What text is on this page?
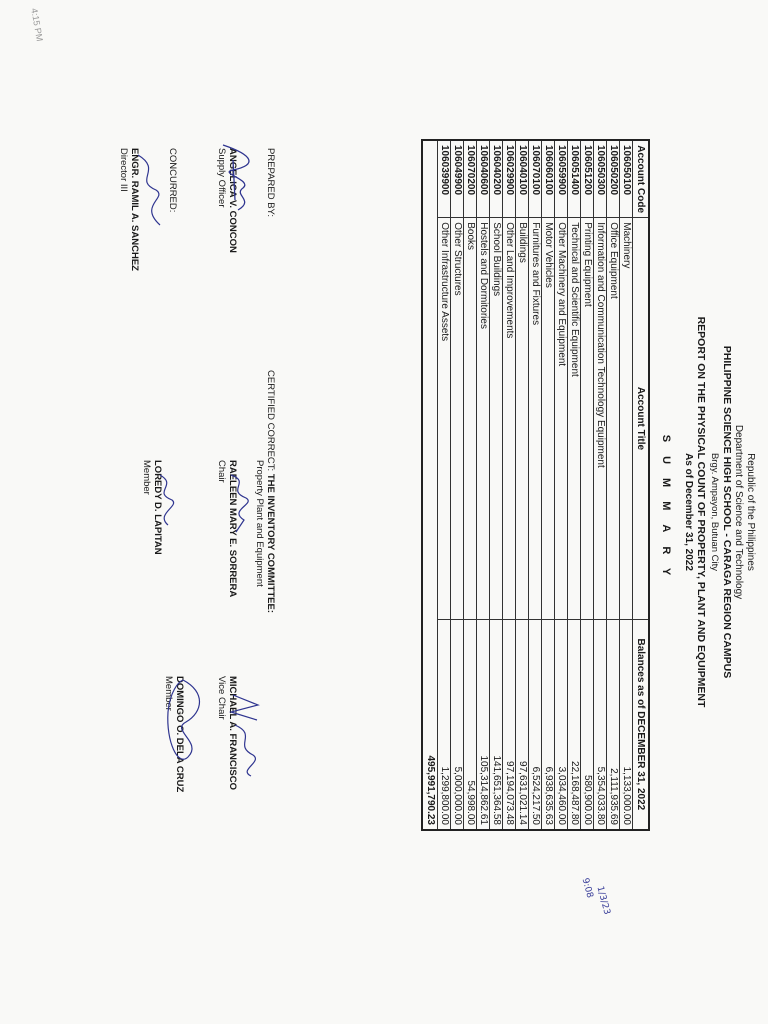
Republic of the Philippines
Department of Science and Technology
PHILIPPINE SCIENCE HIGH SCHOOL - CARAGA REGION CAMPUS
Brgy. Ampayon, Butuan City
REPORT ON THE PHYSICAL COUNT OF PROPERTY, PLANT AND EQUIPMENT
As of December 31, 2022
SUMMARY
Account Code	Account Title	Balances as of DECEMBER 31, 2022
106050100	Machinery	1,133,000.00
106050200	Office Equipment	2,111,935.69
106050300	Information and Communication Technology Equipment	5,354,033.80
106051200	Printing Equipment	580,900.00
106051400	Technical and Scientific Equipment	22,168,487.80
106059900	Other Machinery and Equipment	3,034,460.00
106060100	Motor Vehicles	6,938,635.63
106070100	Furnitures and Fixtures	6,524,217.50
106040100	Buildings	97,631,021.14
106029900	Other Land Improvements	97,194,073.48
106040200	School Buildings	141,651,364.58
106040600	Hostels and Dormitories	105,314,862.61
106070200	Books	54,998.00
106049900	Other Structures	5,000,000.00
106039900	Other Infrastructure Assets	1,299,800.00
		495,991,790.23
PREPARED BY:
ANGELICA V. CONCON
Supply Officer
CONCURRED:
ENGR. RAMIL A. SANCHEZ
Director III
CERTIFIED CORRECT: THE INVENTORY COMMITTEE:
Property Plant and Equipment
RAELEEN MARY E. SORRERA
Chair
LOREDY D. LAPITAN
Member
MICHAEL A. FRANCISCO
Vice Chair
DOMINGO O. DELA CRUZ
Member
1/3/23
9:08
4:15 PM
